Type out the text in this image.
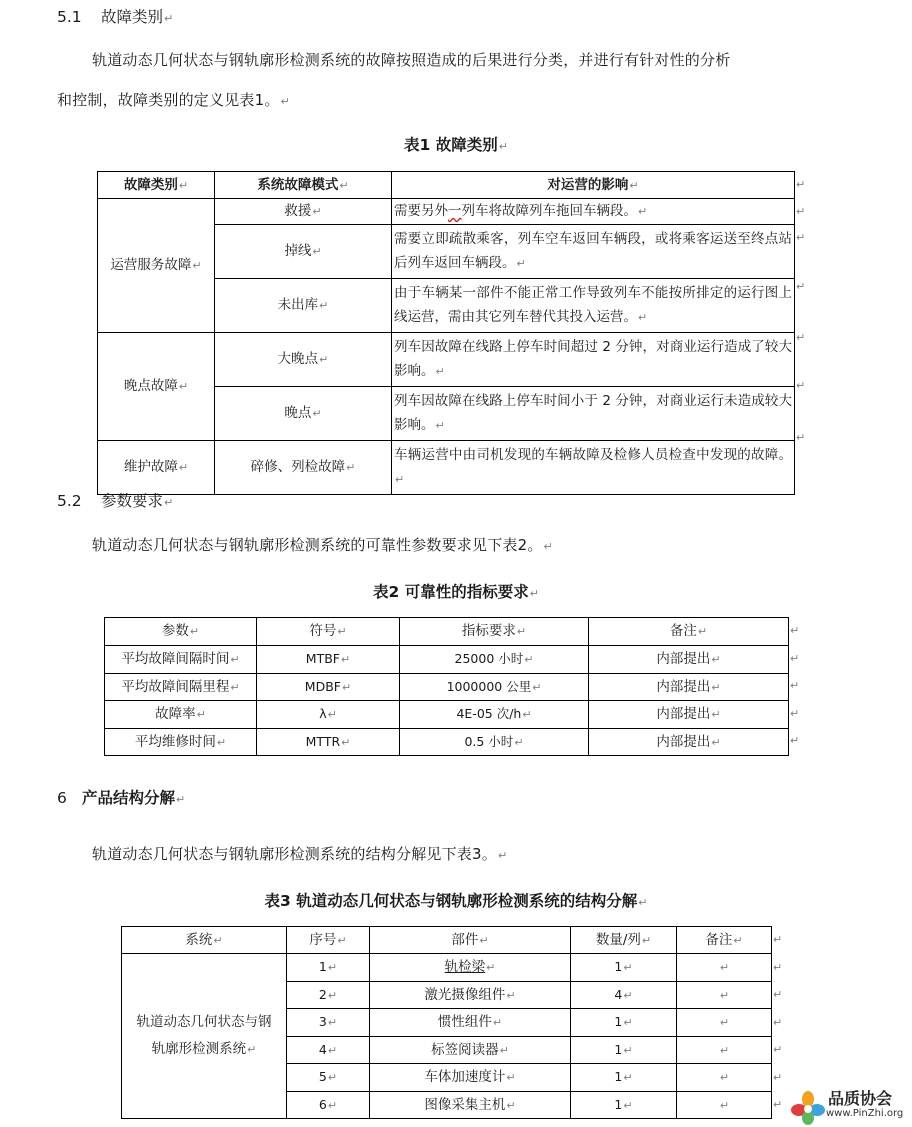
5.1 故障类别↵
轨道动态几何状态与钢轨廓形检测系统的故障按照造成的后果进行分类，并进行有针对性的分析
和控制，故障类别的定义见表1。↵
表1 故障类别↵
故障类别↵	系统故障模式↵	对运营的影响↵
运营服务故障↵	救援↵	需要另外一列车将故障列车拖回车辆段。↵
	掉线↵	需要立即疏散乘客，列车空车返回车辆段，或将乘客运送至终点站后列车返回车辆段。↵
	未出库↵	由于车辆某一部件不能正常工作导致列车不能按所排定的运行图上线运营，需由其它列车替代其投入运营。↵
晚点故障↵	大晚点↵	列车因故障在线路上停车时间超过 2 分钟，对商业运行造成了较大影响。↵
	晚点↵	列车因故障在线路上停车时间小于 2 分钟，对商业运行未造成较大影响。↵
维护故障↵	碎修、列检故障↵	车辆运营中由司机发现的车辆故障及检修人员检查中发现的故障。↵
↵
↵
↵
↵
↵
↵
↵
5.2 参数要求↵
轨道动态几何状态与钢轨廓形检测系统的可靠性参数要求见下表2。↵
表2 可靠性的指标要求↵
参数↵	符号↵	指标要求↵	备注↵
平均故障间隔时间↵	MTBF↵	25000 小时↵	内部提出↵
平均故障间隔里程↵	MDBF↵	1000000 公里↵	内部提出↵
故障率↵	λ↵	4E-05 次/h↵	内部提出↵
平均维修时间↵	MTTR↵	0.5 小时↵	内部提出↵
↵
↵
↵
↵
↵
6 产品结构分解↵
轨道动态几何状态与钢轨廓形检测系统的结构分解见下表3。↵
表3 轨道动态几何状态与钢轨廓形检测系统的结构分解↵
系统↵	序号↵	部件↵	数量/列↵	备注↵
轨道动态几何状态与钢
轨廓形检测系统↵	1↵	轨检梁↵	1↵	↵
	2↵	激光摄像组件↵	4↵	↵
	3↵	惯性组件↵	1↵	↵
	4↵	标签阅读器↵	1↵	↵
	5↵	车体加速度计↵	1↵	↵
	6↵	图像采集主机↵	1↵	↵
↵
↵
↵
↵
↵
↵
↵	品质协会
www.PinZhi.org
